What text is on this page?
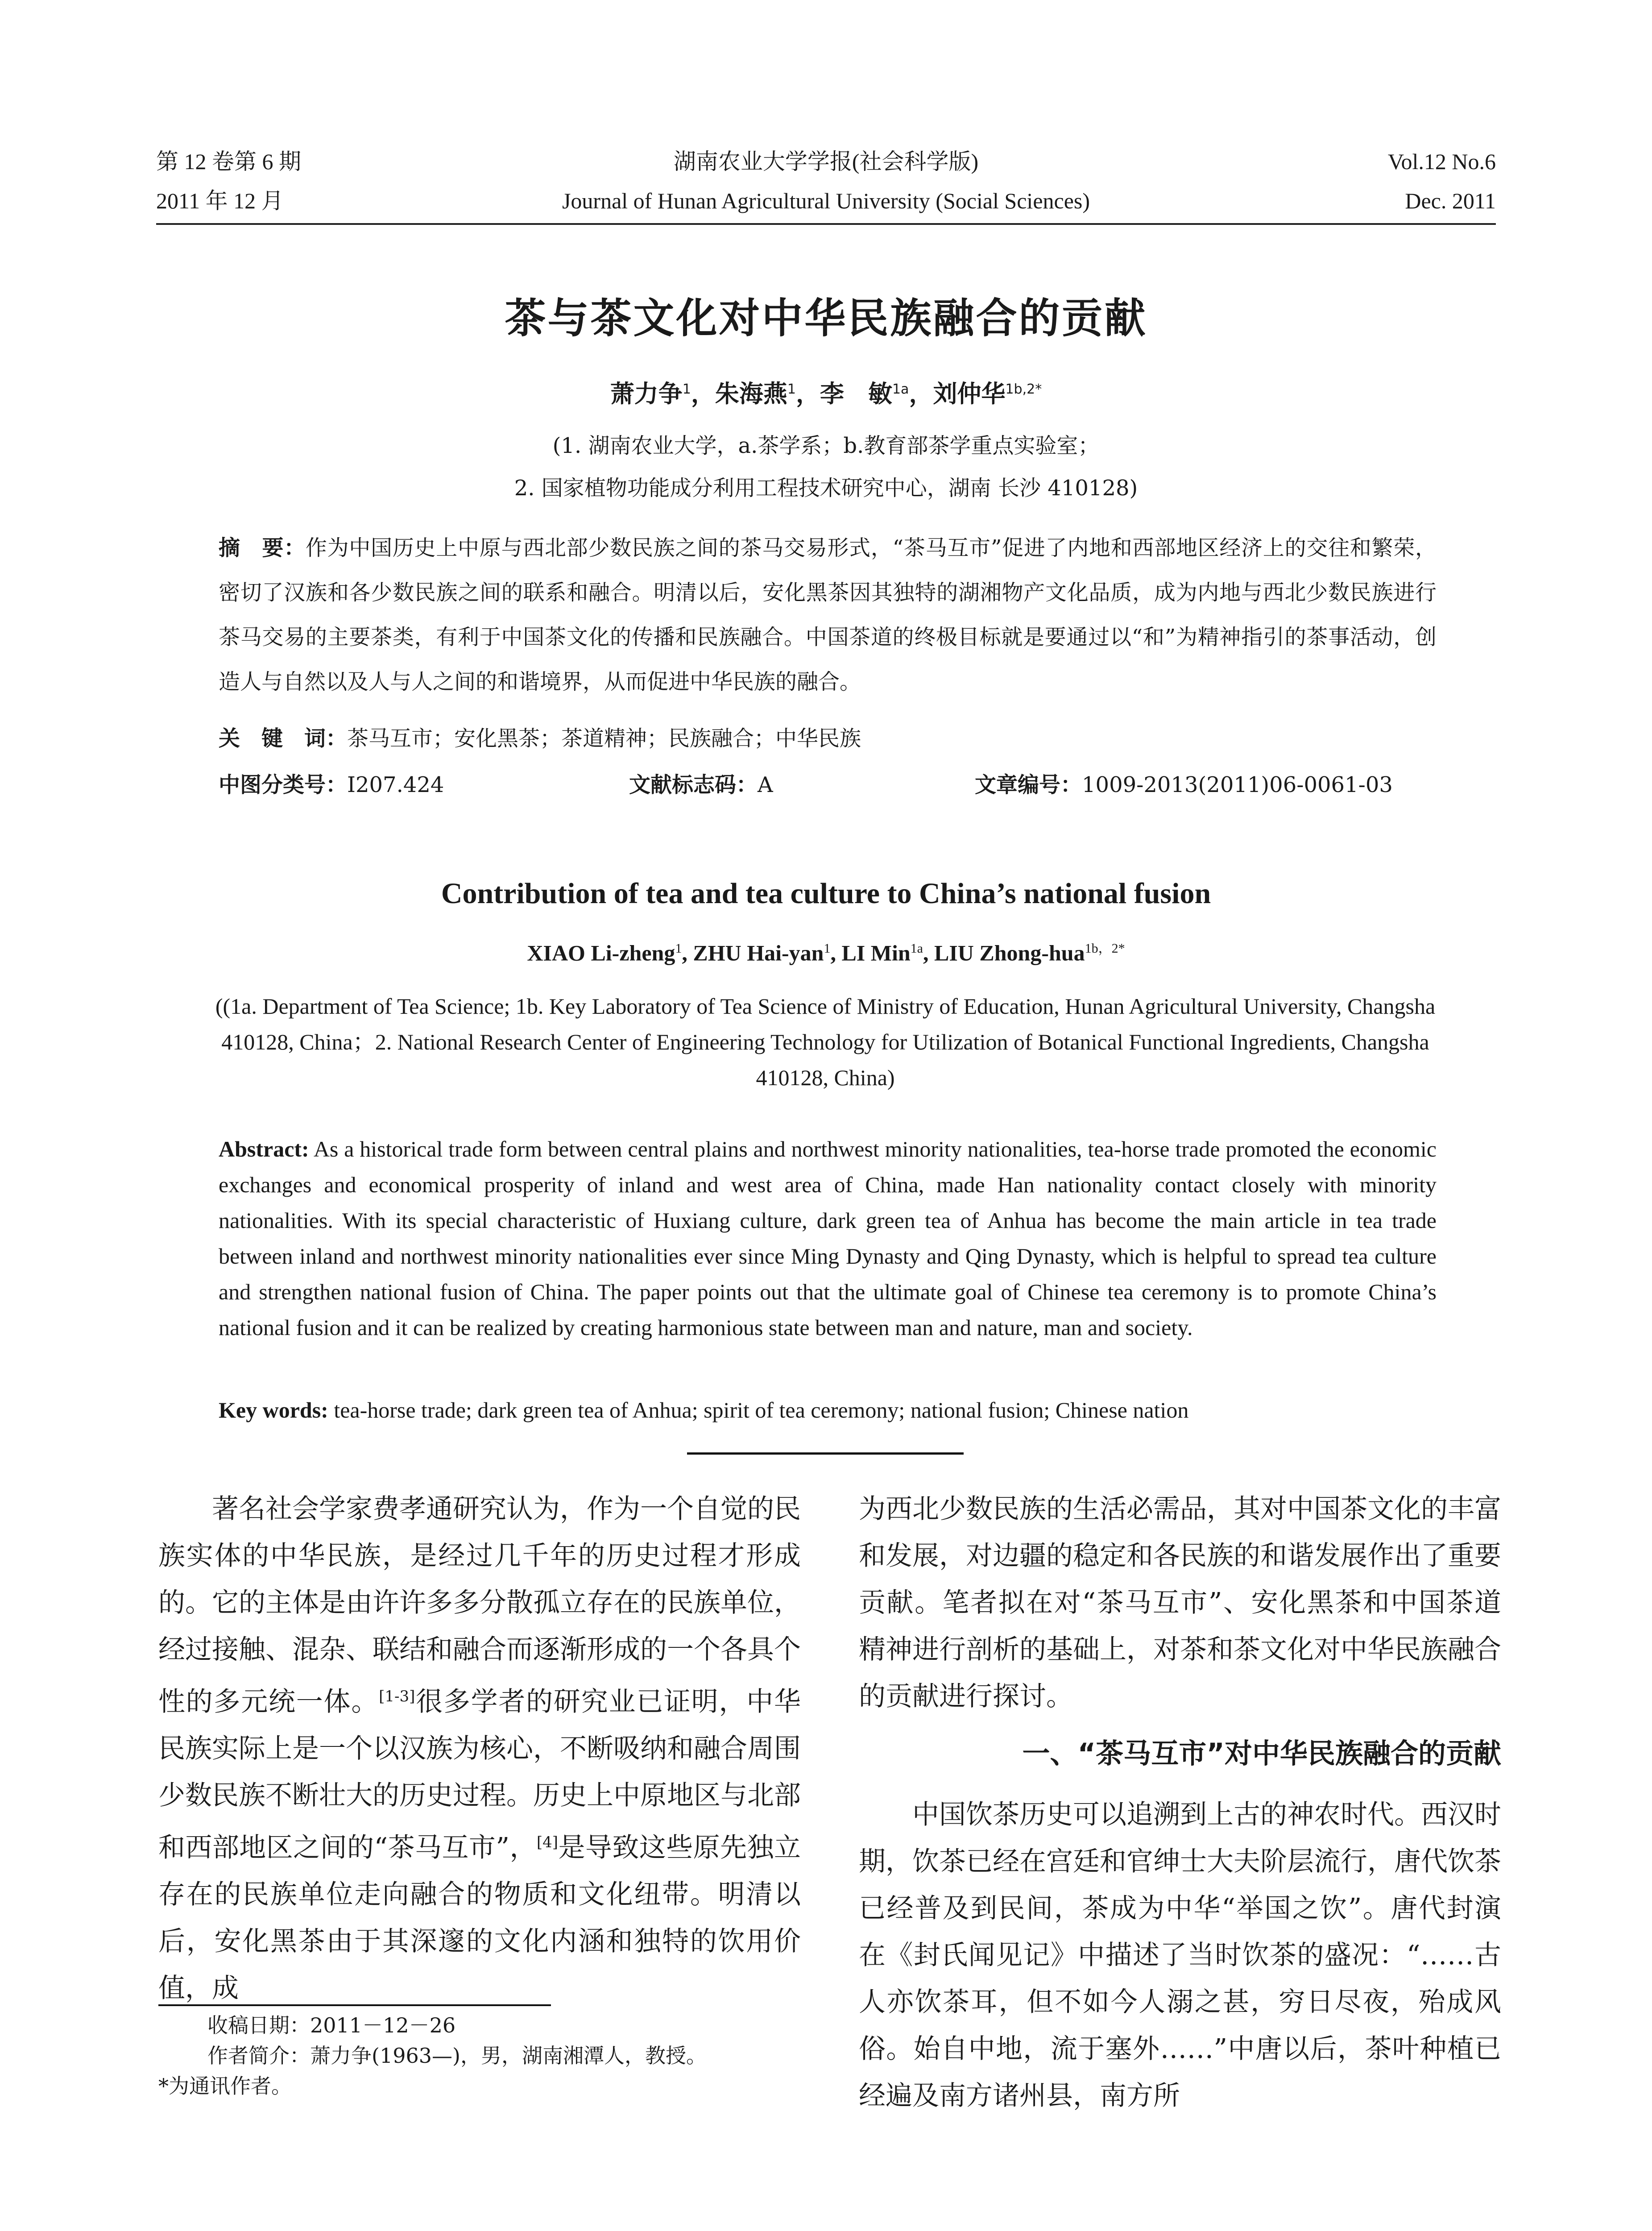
第 12 卷第 6 期	湖南农业大学学报(社会科学版)	Vol.12 No.6
2011 年 12 月	Journal of Hunan Agricultural University (Social Sciences)	Dec. 2011
茶与茶文化对中华民族融合的贡献
萧力争$^1$，朱海燕$^1$，李　敏$^{1a}$，刘仲华$^{1b,2*}$
(1. 湖南农业大学，a.茶学系；b.教育部茶学重点实验室；
2. 国家植物功能成分利用工程技术研究中心，湖南 长沙 410128)
摘　要：作为中国历史上中原与西北部少数民族之间的茶马交易形式，“茶马互市”促进了内地和西部地区经济上的交往和繁荣，密切了汉族和各少数民族之间的联系和融合。明清以后，安化黑茶因其独特的湖湘物产文化品质，成为内地与西北少数民族进行茶马交易的主要茶类，有利于中国茶文化的传播和民族融合。中国茶道的终极目标就是要通过以“和”为精神指引的茶事活动，创造人与自然以及人与人之间的和谐境界，从而促进中华民族的融合。
关　键　词：茶马互市；安化黑茶；茶道精神；民族融合；中华民族
中图分类号：I207.424	文献标志码：A	文章编号：1009-2013(2011)06-0061-03
Contribution of tea and tea culture to China’s national fusion
XIAO Li-zheng$^1$, ZHU Hai-yan$^1$, LI Min$^{1a}$, LIU Zhong-hua$^{1b,2*}$
((1a. Department of Tea Science; 1b. Key Laboratory of Tea Science of Ministry of Education, Hunan Agricultural University, Changsha 410128, China；2. National Research Center of Engineering Technology for Utilization of Botanical Functional Ingredients, Changsha 410128, China)
Abstract: As a historical trade form between central plains and northwest minority nationalities, tea-horse trade promoted the economic exchanges and economical prosperity of inland and west area of China, made Han nationality contact closely with minority nationalities. With its special characteristic of Huxiang culture, dark green tea of Anhua has become the main article in tea trade between inland and northwest minority nationalities ever since Ming Dynasty and Qing Dynasty, which is helpful to spread tea culture and strengthen national fusion of China. The paper points out that the ultimate goal of Chinese tea ceremony is to promote China’s national fusion and it can be realized by creating harmonious state between man and nature, man and society.
Key words: tea-horse trade; dark green tea of Anhua; spirit of tea ceremony; national fusion; Chinese nation

著名社会学家费孝通研究认为，作为一个自觉的民族实体的中华民族，是经过几千年的历史过程才形成的。它的主体是由许许多多分散孤立存在的民族单位，经过接触、混杂、联结和融合而逐渐形成的一个各具个性的多元统一体。[1-3]很多学者的研究业已证明，中华民族实际上是一个以汉族为核心，不断吸纳和融合周围少数民族不断壮大的历史过程。历史上中原地区与北部和西部地区之间的“茶马互市”，[4]是导致这些原先独立存在的民族单位走向融合的物质和文化纽带。明清以后，安化黑茶由于其深邃的文化内涵和独特的饮用价值，成

为西北少数民族的生活必需品，其对中国茶文化的丰富和发展，对边疆的稳定和各民族的和谐发展作出了重要贡献。笔者拟在对“茶马互市”、安化黑茶和中国茶道精神进行剖析的基础上，对茶和茶文化对中华民族融合的贡献进行探讨。

一、“茶马互市”对中华民族融合的贡献

中国饮茶历史可以追溯到上古的神农时代。西汉时期，饮茶已经在宫廷和官绅士大夫阶层流行，唐代饮茶已经普及到民间，茶成为中华“举国之饮”。唐代封演在《封氏闻见记》中描述了当时饮茶的盛况：“……古人亦饮茶耳，但不如今人溺之甚，穷日尽夜，殆成风俗。始自中地，流于塞外……”中唐以后，茶叶种植已经遍及南方诸州县，南方所

收稿日期：2011－12－26
作者简介：萧力争(1963—)，男，湖南湘潭人，教授。
*为通讯作者。
